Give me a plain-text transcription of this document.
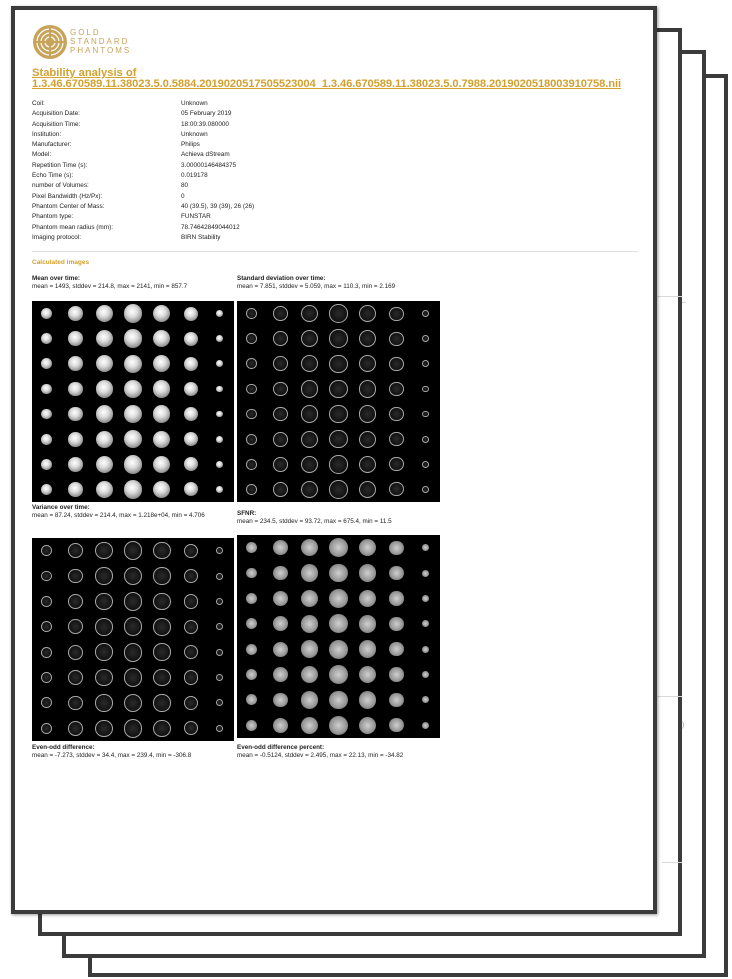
)
GOLD
STANDARD
PHANTOMS
Stability analysis of
1.3.46.670589.11.38023.5.0.5884.2019020517505523004_1.3.46.670589.11.38023.5.0.7988.2019020518003910758.nii
Coil:	Unknown
Acquisition Date:	05 February 2019
Acquisition Time:	18:00:39.080000
Institution:	Unknown
Manufacturer:	Philips
Model:	Achieva dStream
Repetition Time (s):	3.00000146484375
Echo Time (s):	0.019178
number of Volumes:	80
Pixel Bandwidth (Hz/Px):	0
Phantom Center of Mass:	40 (39.5), 39 (39), 26 (26)
Phantom type:	FUNSTAR
Phantom mean radius (mm):	78.74642849044012
Imaging protocol:	BIRN Stability
Calculated images
Mean over time:
mean = 1493, stddev = 214.8, max = 2141, min = 857.7
Standard deviation over time:
mean = 7.851, stddev = 5.059, max = 110.3, min = 2.169
Variance over time:
mean = 87.24, stddev = 214.4, max = 1.218e+04, min = 4.706	SFNR:
mean = 234.5, stddev = 93.72, max = 675.4, min = 11.5
Even-odd difference:
mean = -7.273, stddev = 34.4, max = 239.4, min = -306.8
Even-odd difference percent:
mean = -0.5124, stddev = 2.495, max = 22.13, min = -34.82
